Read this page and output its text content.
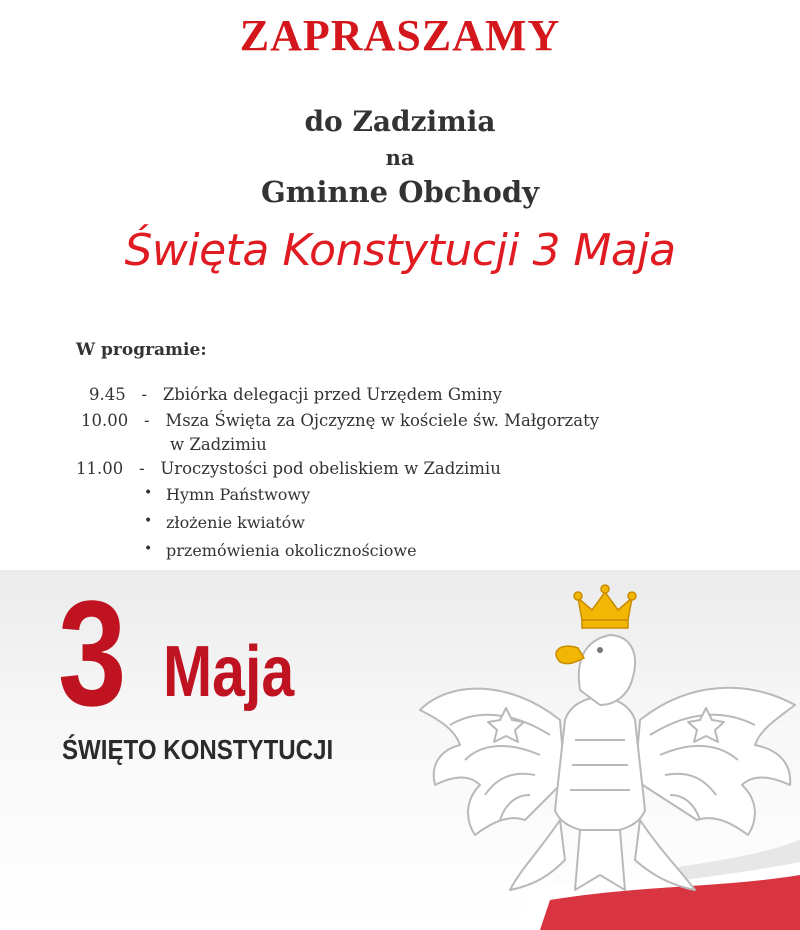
ZAPRASZAMY
do Zadzimia
na
Gminne Obchody
Święta Konstytucji 3 Maja
W programie:
9.45   -   Zbiórka delegacji przed Urzędem Gminy
10.00   -   Msza Święta za Ojczyznę w kościele św. Małgorzaty
w Zadzimiu
11.00   -   Uroczystości pod obeliskiem w Zadzimiu
Hymn Państwowy
złożenie kwiatów
przemówienia okolicznościowe
3 Maja
ŚWIĘTO KONSTYTUCJI
